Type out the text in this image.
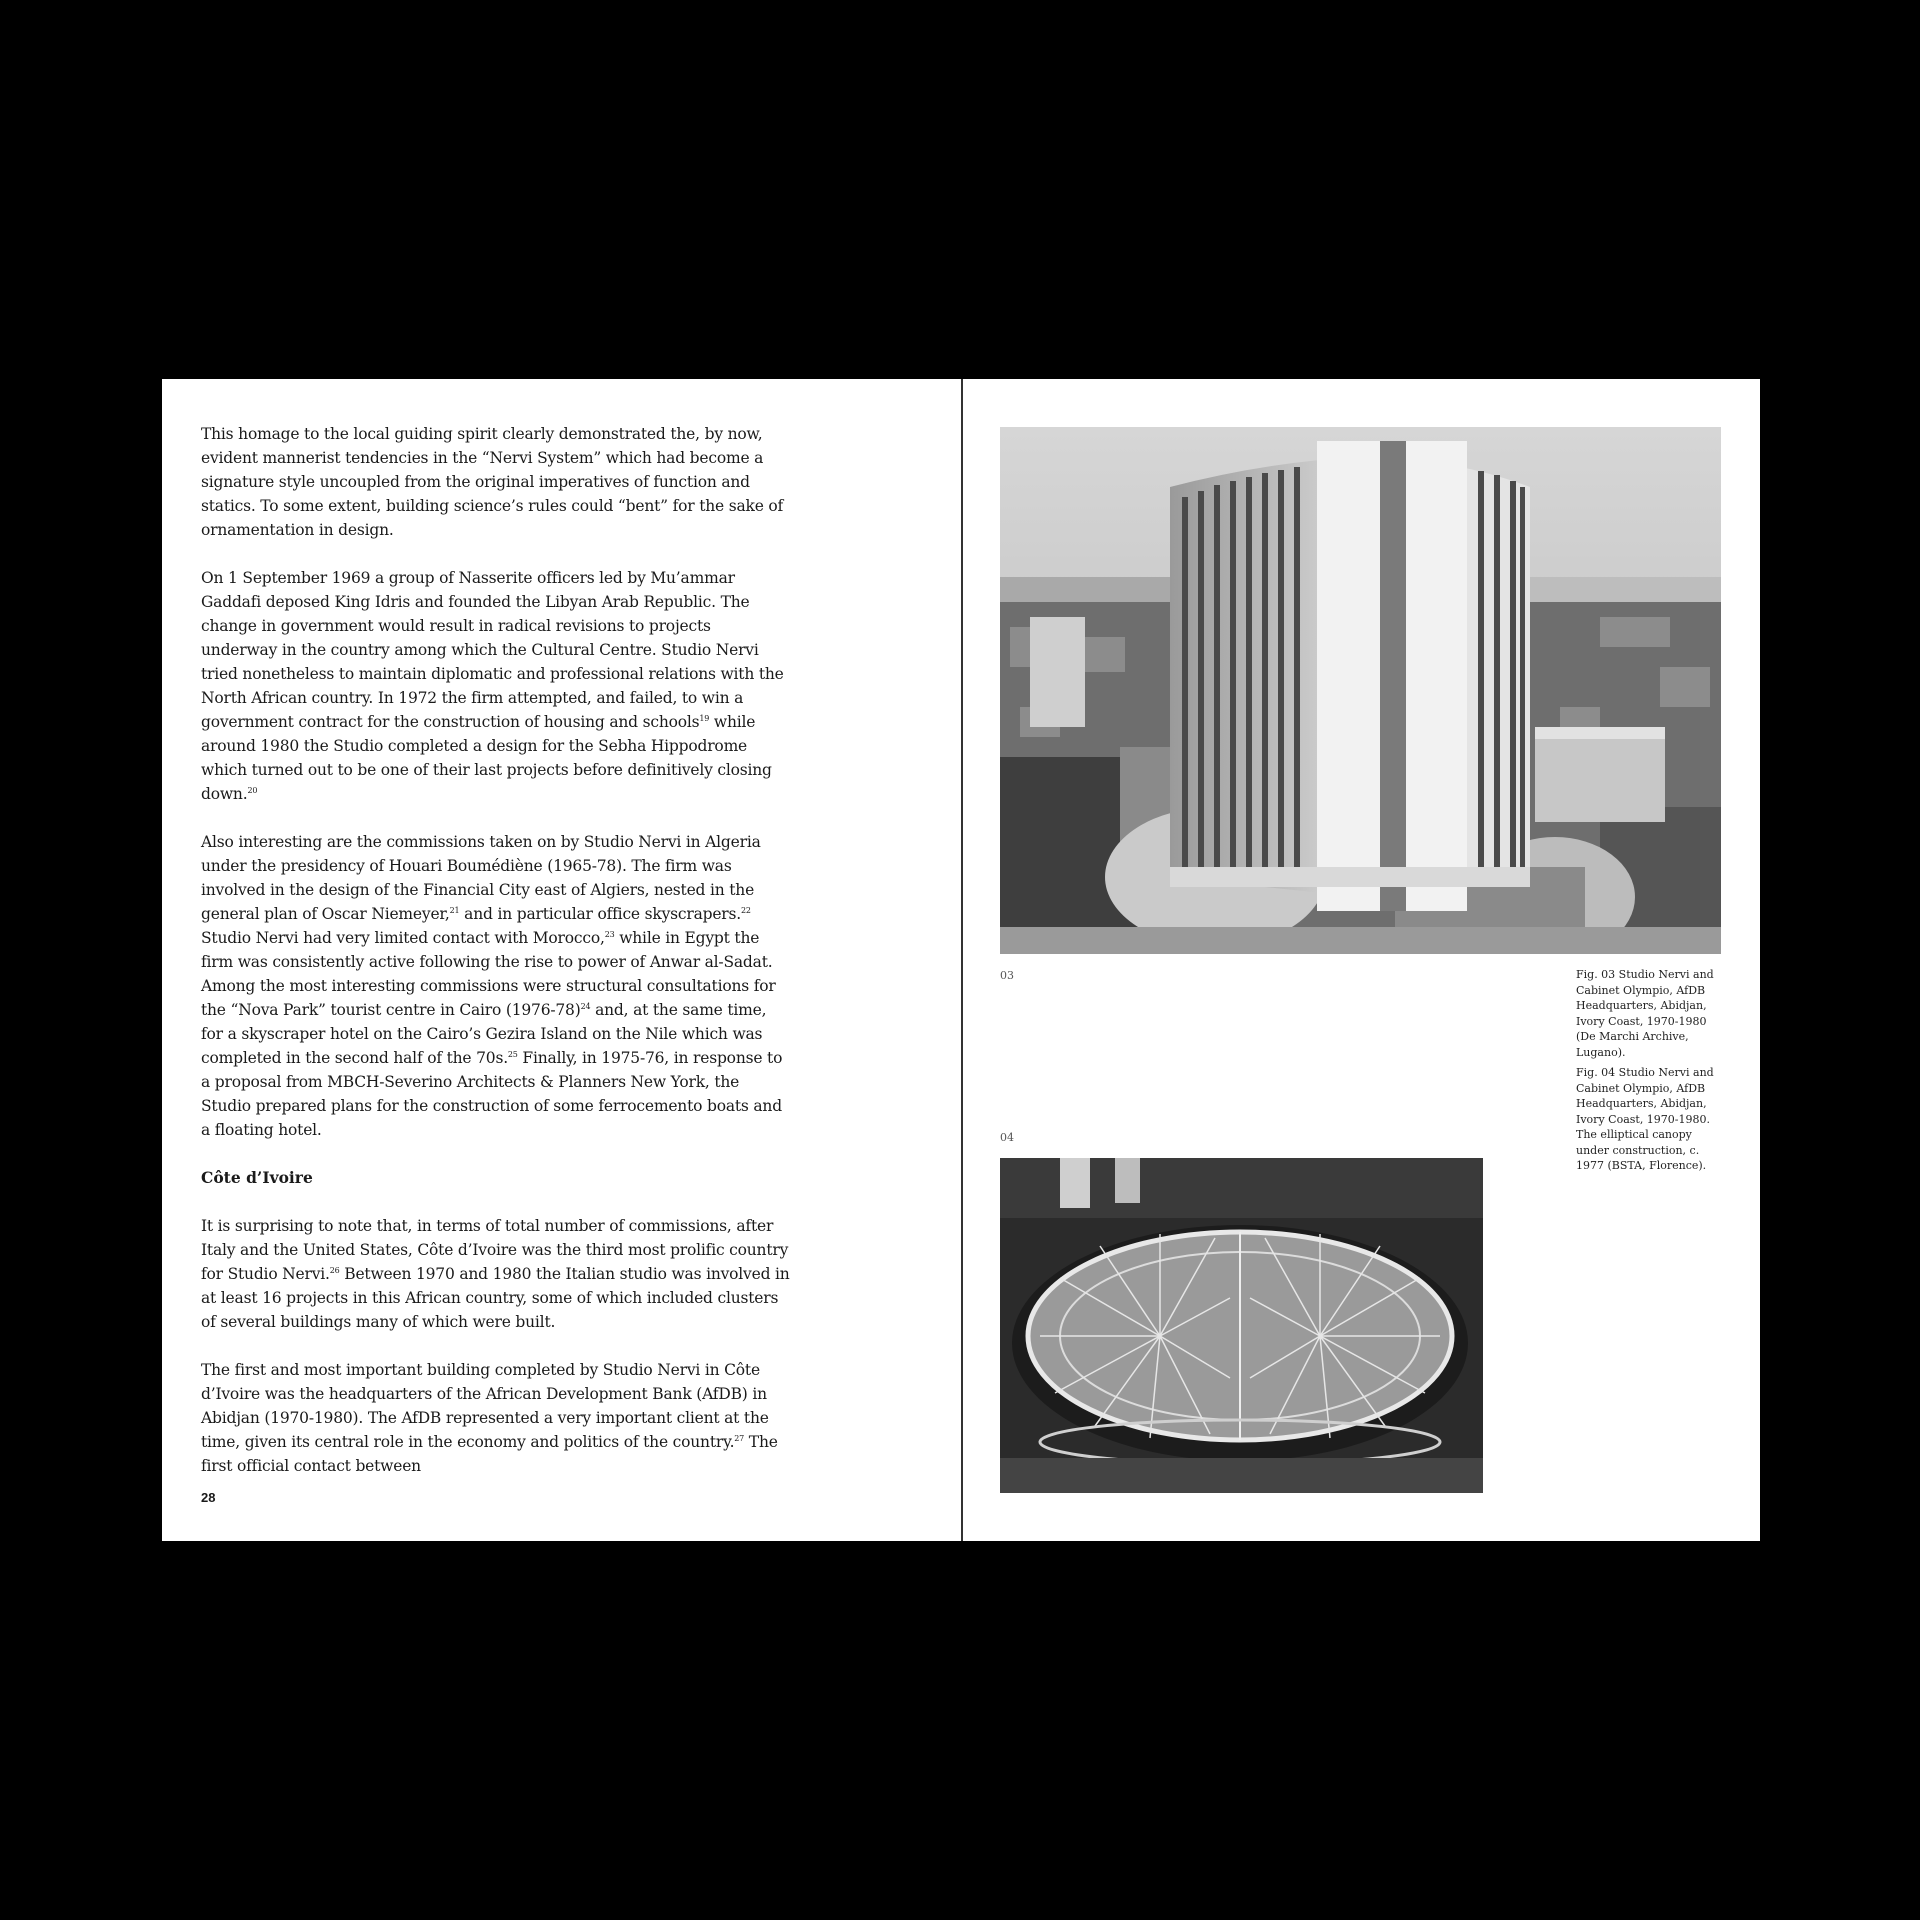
This homage to the local guiding spirit clearly demonstrated the, by now, evident mannerist tendencies in the “Nervi System” which had become a signature style uncoupled from the original imperatives of function and statics. To some extent, building science’s rules could “bent” for the sake of ornamentation in design.

On 1 September 1969 a group of Nasserite officers led by Mu’ammar Gaddafi deposed King Idris and founded the Libyan Arab Republic. The change in government would result in radical revisions to projects underway in the country among which the Cultural Centre. Studio Nervi tried nonetheless to maintain diplomatic and professional relations with the North African country. In 1972 the firm attempted, and failed, to win a government contract for the construction of housing and schools$^{19}$ while around 1980 the Studio completed a design for the Sebha Hippodrome which turned out to be one of their last projects before definitively closing down.$^{20}$

Also interesting are the commissions taken on by Studio Nervi in Algeria under the presidency of Houari Boumédiène (1965-78). The firm was involved in the design of the Financial City east of Algiers, nested in the general plan of Oscar Niemeyer,$^{21}$ and in particular office skyscrapers.$^{22}$ Studio Nervi had very limited contact with Morocco,$^{23}$ while in Egypt the firm was consistently active following the rise to power of Anwar al-Sadat. Among the most interesting commissions were structural consultations for the “Nova Park” tourist centre in Cairo (1976-78)$^{24}$ and, at the same time, for a skyscraper hotel on the Cairo’s Gezira Island on the Nile which was completed in the second half of the 70s.$^{25}$ Finally, in 1975-76, in response to a proposal from MBCH-Severino Architects & Planners New York, the Studio prepared plans for the construction of some ferrocemento boats and a floating hotel.

Côte d’Ivoire

It is surprising to note that, in terms of total number of commissions, after Italy and the United States, Côte d’Ivoire was the third most prolific country for Studio Nervi.$^{26}$ Between 1970 and 1980 the Italian studio was involved in at least 16 projects in this African country, some of which included clusters of several buildings many of which were built.

The first and most important building completed by Studio Nervi in Côte d’Ivoire was the headquarters of the African Development Bank (AfDB) in Abidjan (1970-1980). The AfDB represented a very important client at the time, given its central role in the economy and politics of the country.$^{27}$ The first official contact between

28
03	Fig. 03 Studio Nervi and Cabinet Olympio, AfDB Headquarters, Abidjan, Ivory Coast, 1970-1980 (De Marchi Archive, Lugano).

Fig. 04 Studio Nervi and Cabinet Olympio, AfDB Headquarters, Abidjan, Ivory Coast, 1970-1980. The elliptical canopy under construction, c. 1977 (BSTA, Florence).

04
